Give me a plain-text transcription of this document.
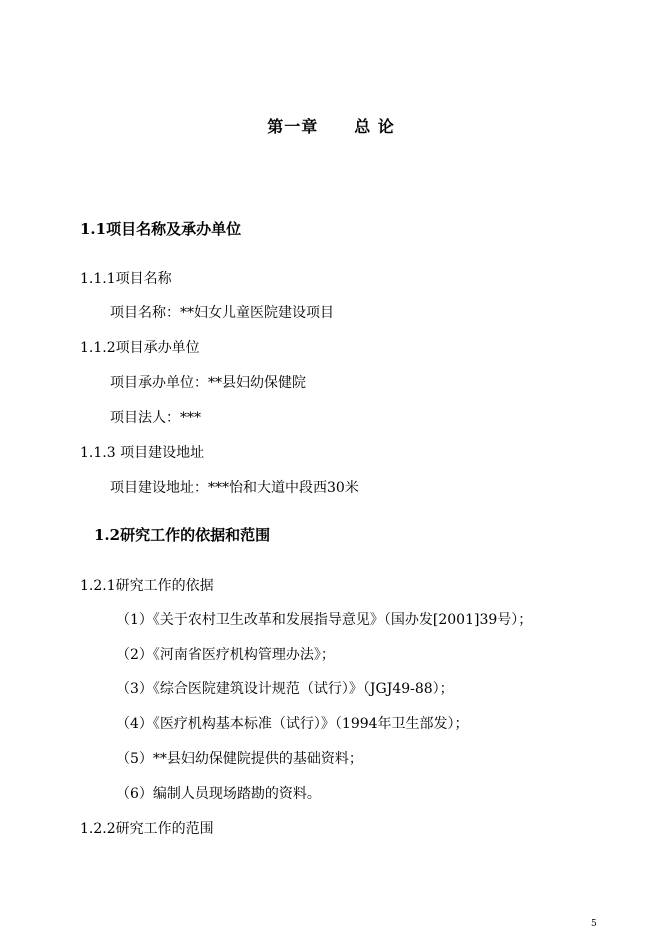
第一章 总 论
1.1项目名称及承办单位
1.1.1项目名称
项目名称：**妇女儿童医院建设项目
1.1.2项目承办单位
项目承办单位：**县妇幼保健院
项目法人：***
1.1.3 项目建设地址
项目建设地址：***怡和大道中段西30米
1.2研究工作的依据和范围
1.2.1研究工作的依据
（1）《关于农村卫生改革和发展指导意见》（国办发[2001]39号）；
（2）《河南省医疗机构管理办法》；
（3）《综合医院建筑设计规范（试行）》（JGJ49-88）；
（4）《医疗机构基本标准（试行）》（1994年卫生部发）；
（5）**县妇幼保健院提供的基础资料；
（6）编制人员现场踏勘的资料。
1.2.2研究工作的范围
5
